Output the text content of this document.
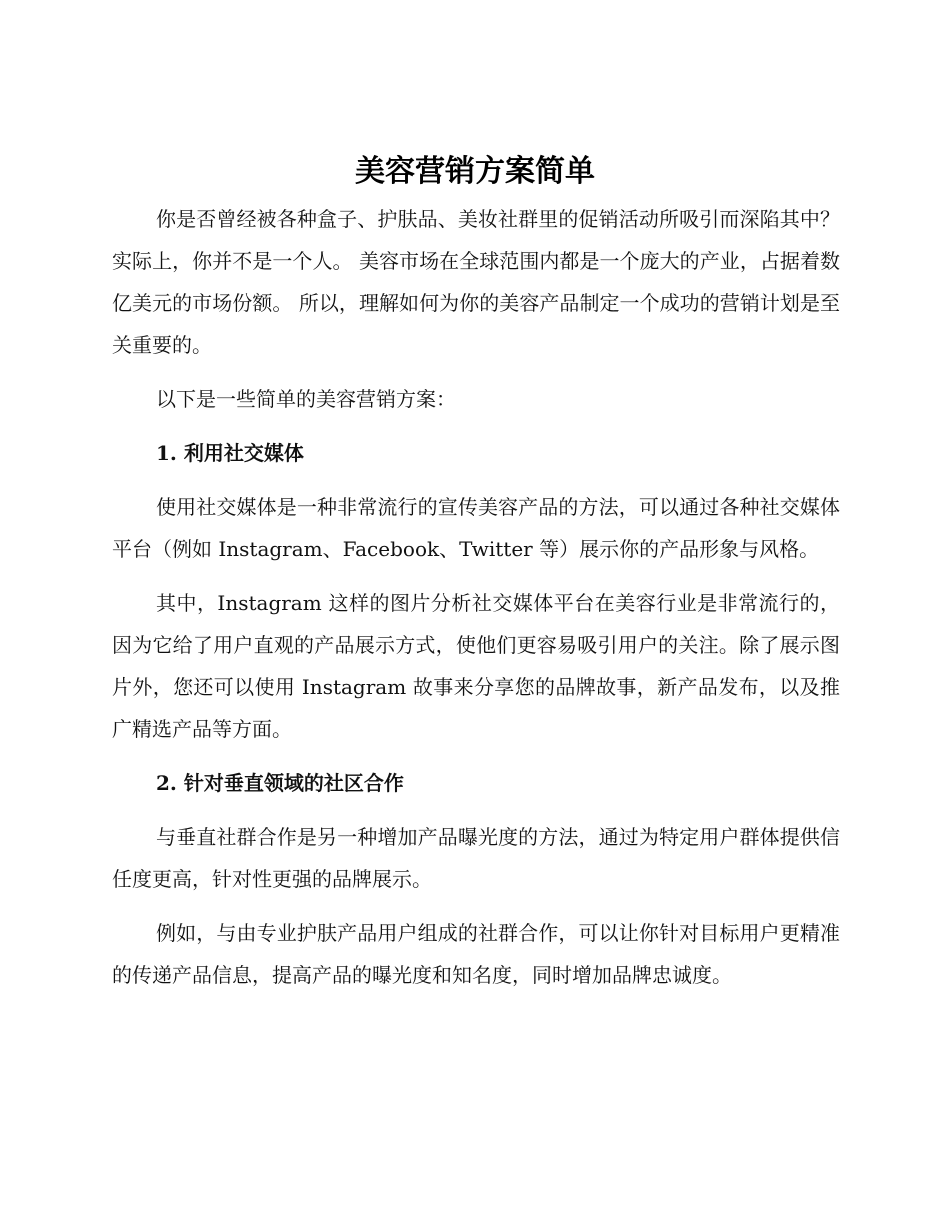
美容营销方案简单

你是否曾经被各种盒子、护肤品、美妆社群里的促销活动所吸引而深陷其中？实际上，你并不是一个人。 美容市场在全球范围内都是一个庞大的产业，占据着数亿美元的市场份额。 所以，理解如何为你的美容产品制定一个成功的营销计划是至关重要的。

以下是一些简单的美容营销方案：

1. 利用社交媒体

使用社交媒体是一种非常流行的宣传美容产品的方法，可以通过各种社交媒体平台（例如 Instagram、Facebook、Twitter 等）展示你的产品形象与风格。

其中，Instagram 这样的图片分析社交媒体平台在美容行业是非常流行的，因为它给了用户直观的产品展示方式，使他们更容易吸引用户的关注。除了展示图片外，您还可以使用 Instagram 故事来分享您的品牌故事，新产品发布，以及推广精选产品等方面。

2. 针对垂直领域的社区合作

与垂直社群合作是另一种增加产品曝光度的方法，通过为特定用户群体提供信任度更高，针对性更强的品牌展示。

例如，与由专业护肤产品用户组成的社群合作，可以让你针对目标用户更精准的传递产品信息，提高产品的曝光度和知名度，同时增加品牌忠诚度。
